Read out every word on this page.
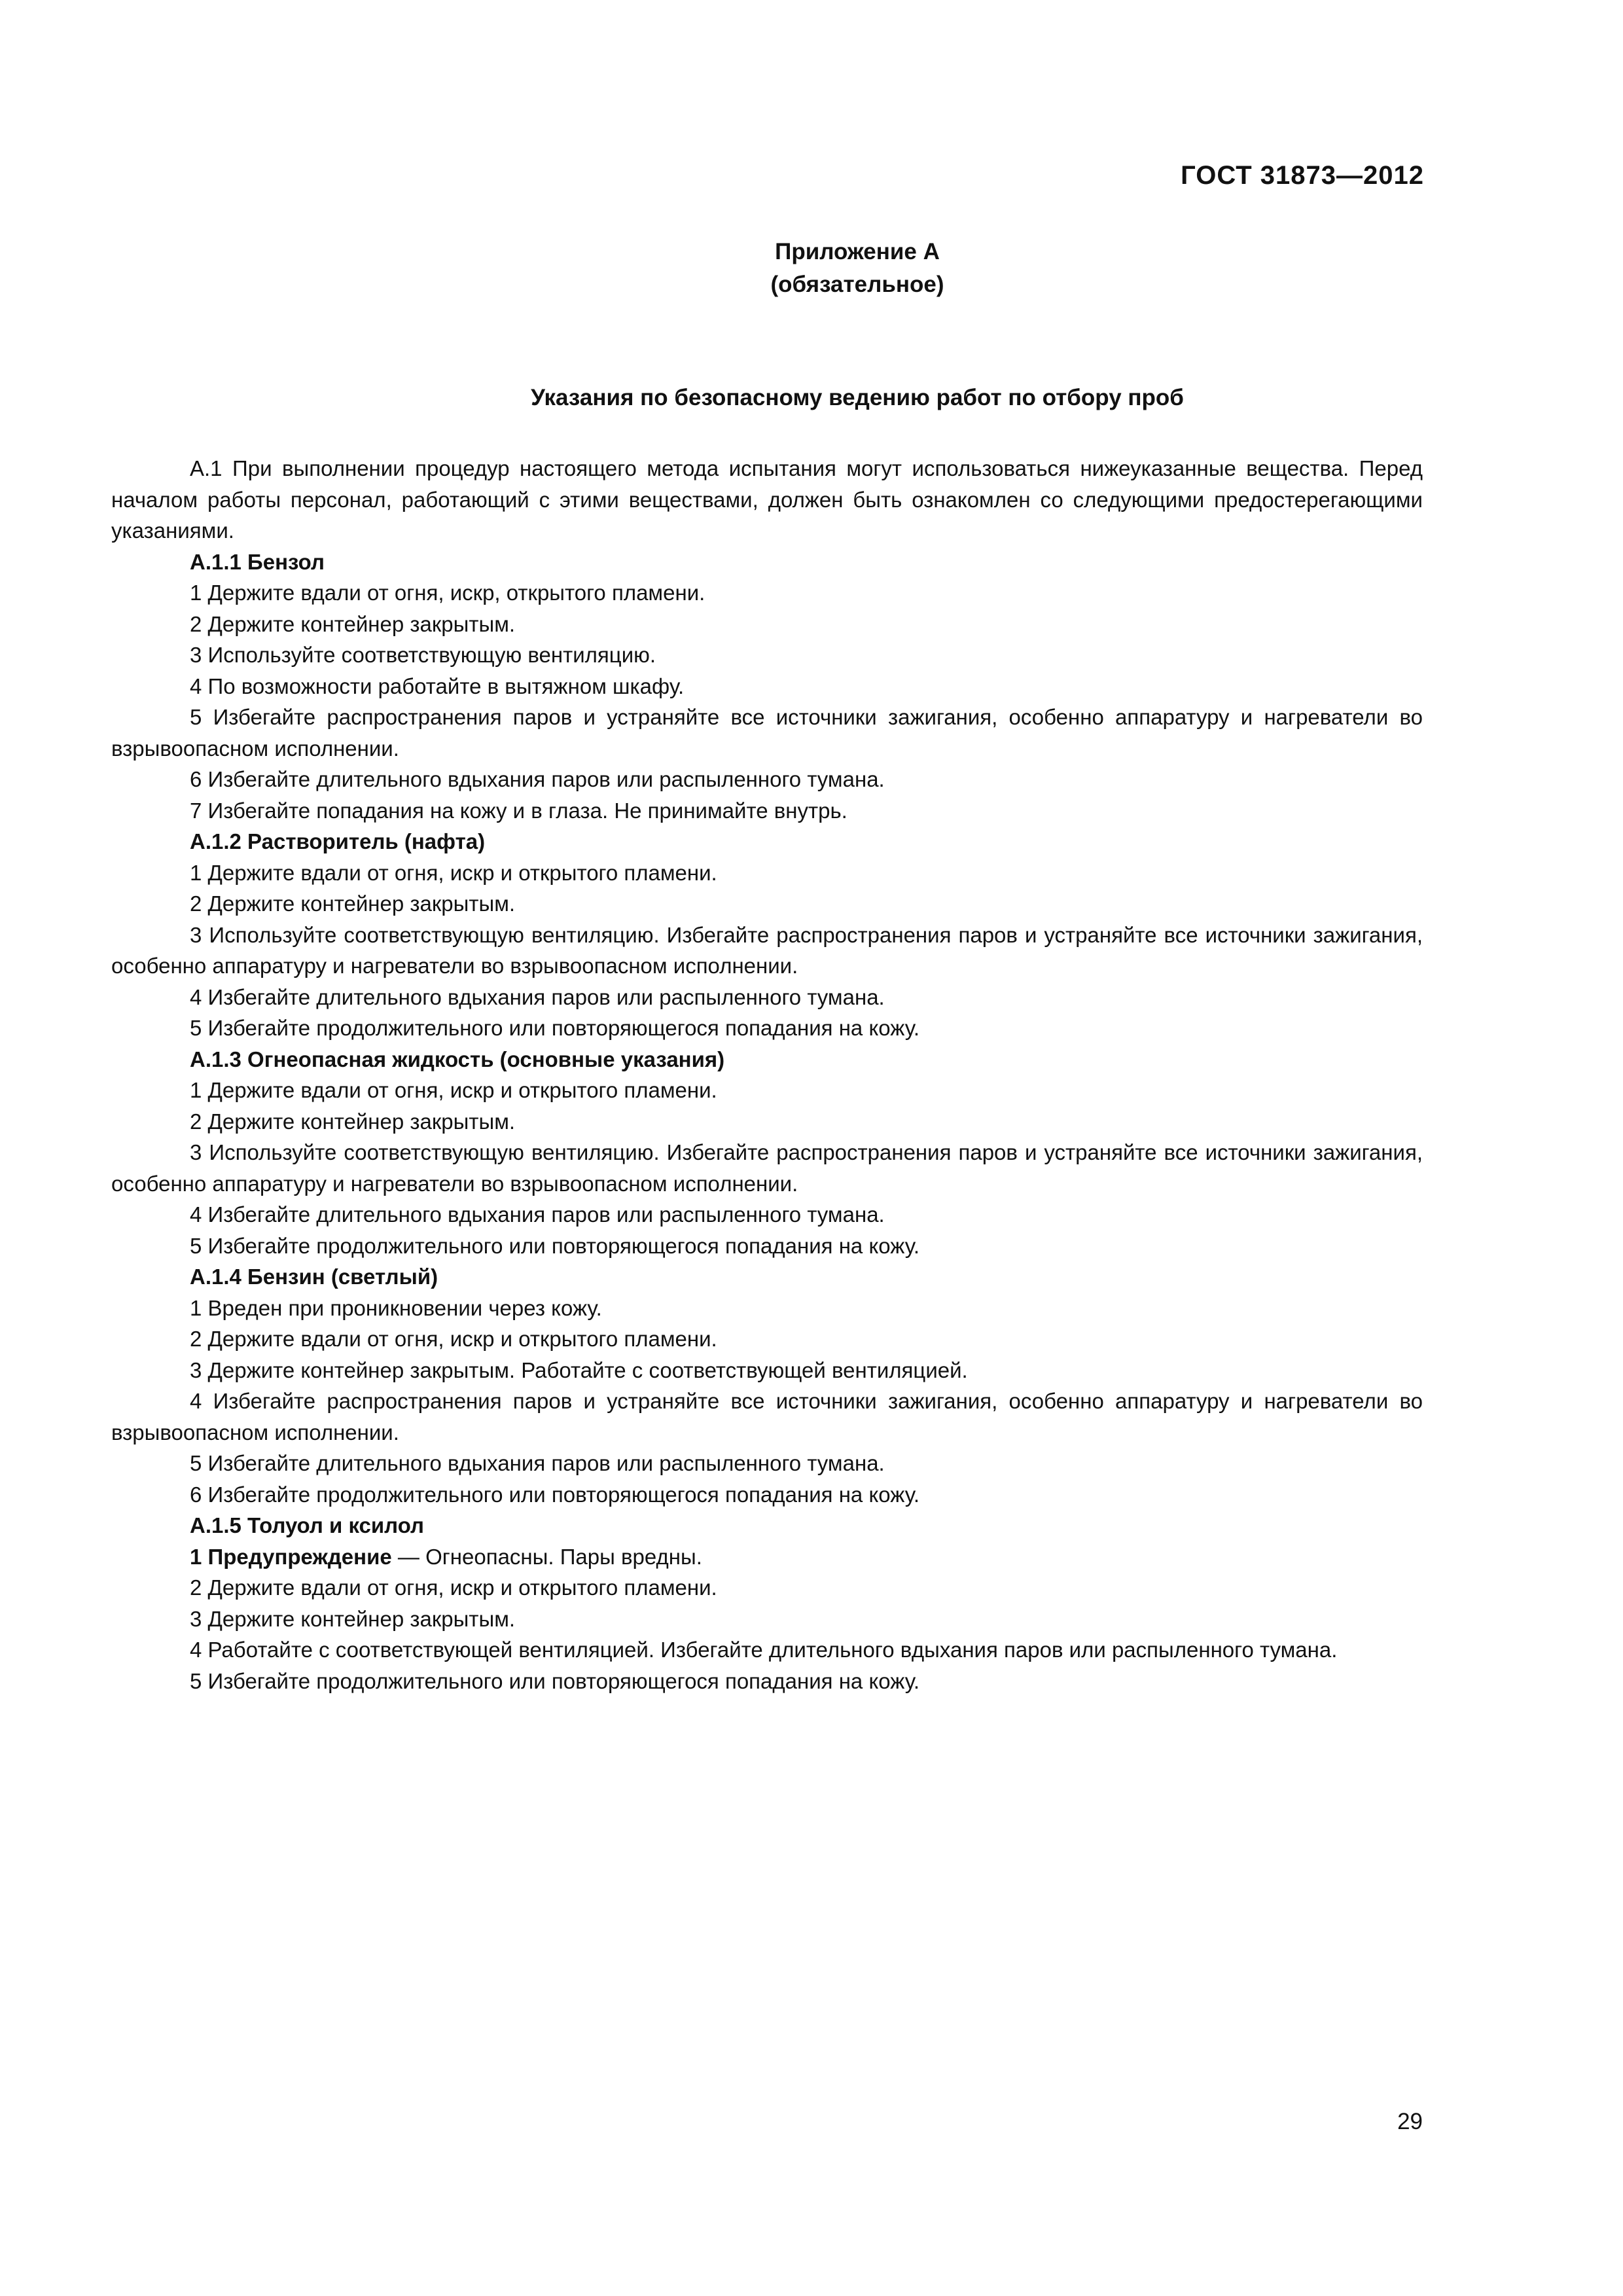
ГОСТ 31873—2012
Приложение А
(обязательное)
Указания по безопасному ведению работ по отбору проб

А.1 При выполнении процедур настоящего метода испытания могут использоваться нижеуказанные вещества. Перед началом работы персонал, работающий с этими веществами, должен быть ознакомлен со следующими предостерегающими указаниями.

А.1.1 Бензол

1 Держите вдали от огня, искр, открытого пламени.

2 Держите контейнер закрытым.

3 Используйте соответствующую вентиляцию.

4 По возможности работайте в вытяжном шкафу.

5 Избегайте распространения паров и устраняйте все источники зажигания, особенно аппаратуру и нагреватели во взрывоопасном исполнении.

6 Избегайте длительного вдыхания паров или распыленного тумана.

7 Избегайте попадания на кожу и в глаза. Не принимайте внутрь.

А.1.2 Растворитель (нафта)

1 Держите вдали от огня, искр и открытого пламени.

2 Держите контейнер закрытым.

3 Используйте соответствующую вентиляцию. Избегайте распространения паров и устраняйте все источники зажигания, особенно аппаратуру и нагреватели во взрывоопасном исполнении.

4 Избегайте длительного вдыхания паров или распыленного тумана.

5 Избегайте продолжительного или повторяющегося попадания на кожу.

А.1.3 Огнеопасная жидкость (основные указания)

1 Держите вдали от огня, искр и открытого пламени.

2 Держите контейнер закрытым.

3 Используйте соответствующую вентиляцию. Избегайте распространения паров и устраняйте все источники зажигания, особенно аппаратуру и нагреватели во взрывоопасном исполнении.

4 Избегайте длительного вдыхания паров или распыленного тумана.

5 Избегайте продолжительного или повторяющегося попадания на кожу.

А.1.4 Бензин (светлый)

1 Вреден при проникновении через кожу.

2 Держите вдали от огня, искр и открытого пламени.

3 Держите контейнер закрытым. Работайте с соответствующей вентиляцией.

4 Избегайте распространения паров и устраняйте все источники зажигания, особенно аппаратуру и нагреватели во взрывоопасном исполнении.

5 Избегайте длительного вдыхания паров или распыленного тумана.

6 Избегайте продолжительного или повторяющегося попадания на кожу.

А.1.5 Толуол и ксилол

1 Предупреждение — Огнеопасны. Пары вредны.

2 Держите вдали от огня, искр и открытого пламени.

3 Держите контейнер закрытым.

4 Работайте с соответствующей вентиляцией. Избегайте длительного вдыхания паров или распыленного тумана.

5 Избегайте продолжительного или повторяющегося попадания на кожу.

29
